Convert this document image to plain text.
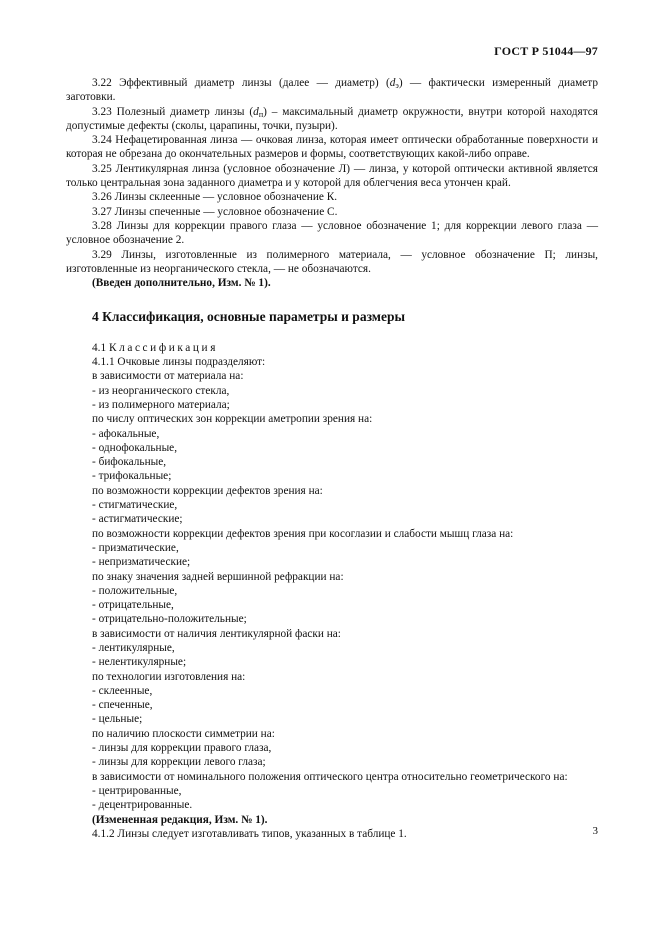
ГОСТ Р 51044—97

3.22 Эффективный диаметр линзы (далее — диаметр) $(d_э)$ — фактически измеренный диаметр заготовки.

3.23 Полезный диаметр линзы $(d_п)$ – максимальный диаметр окружности, внутри которой находятся допустимые дефекты (сколы, царапины, точки, пузыри).

3.24 Нефацетированная линза — очковая линза, которая имеет оптически обработанные поверхности и которая не обрезана до окончательных размеров и формы, соответствующих какой-либо оправе.

3.25 Лентикулярная линза (условное обозначение Л) — линза, у которой оптически активной является только центральная зона заданного диаметра и у которой для облегчения веса утончен край.

3.26 Линзы склеенные — условное обозначение К.

3.27 Линзы спеченные — условное обозначение С.

3.28 Линзы для коррекции правого глаза — условное обозначение 1; для коррекции левого глаза — условное обозначение 2.

3.29 Линзы, изготовленные из полимерного материала, — условное обозначение П; линзы, изготовленные из неорганического стекла, — не обозначаются.

(Введен дополнительно, Изм. № 1).

4 Классификация, основные параметры и размеры

4.1 Классификация

4.1.1 Очковые линзы подразделяют:

в зависимости от материала на:

- из неорганического стекла,

- из полимерного материала;

по числу оптических зон коррекции аметропии зрения на:

- афокальные,

- однофокальные,

- бифокальные,

- трифокальные;

по возможности коррекции дефектов зрения на:

- стигматические,

- астигматические;

по возможности коррекции дефектов зрения при косоглазии и слабости мышц глаза на:

- призматические,

- непризматические;

по знаку значения задней вершинной рефракции на:

- положительные,

- отрицательные,

- отрицательно-положительные;

в зависимости от наличия лентикулярной фаски на:

- лентикулярные,

- нелентикулярные;

по технологии изготовления на:

- склеенные,

- спеченные,

- цельные;

по наличию плоскости симметрии на:

- линзы для коррекции правого глаза,

- линзы для коррекции левого глаза;

в зависимости от номинального положения оптического центра относительно геометрического на:

- центрированные,

- децентрированные.

(Измененная редакция, Изм. № 1).

4.1.2 Линзы следует изготавливать типов, указанных в таблице 1.	3
